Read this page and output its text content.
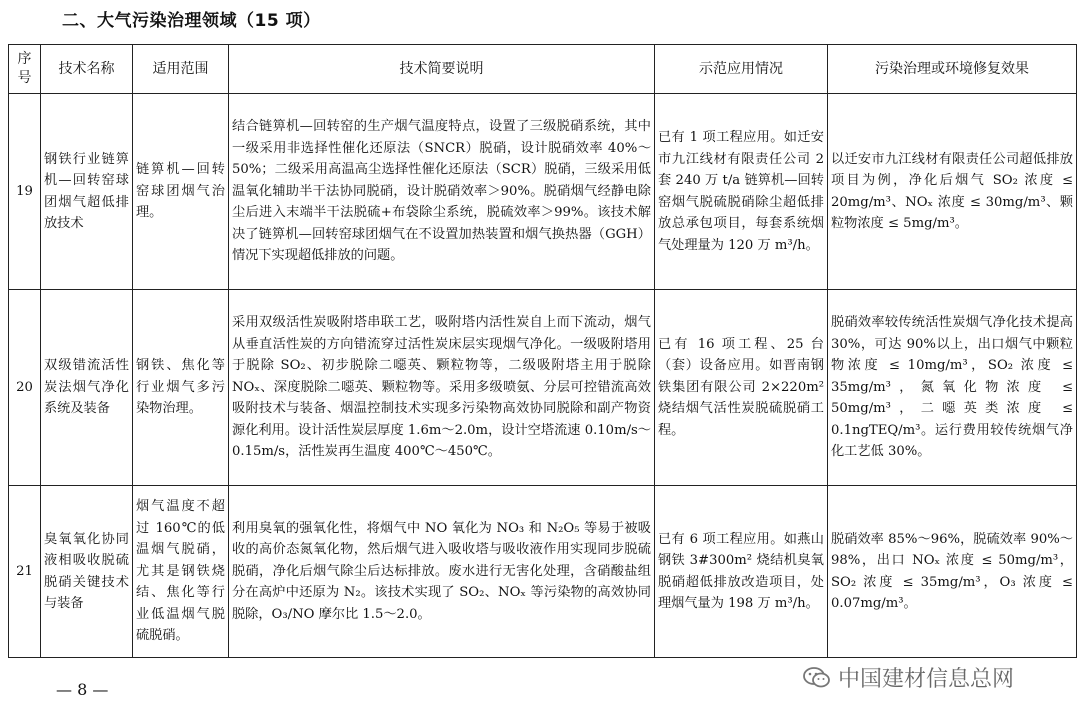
二、大气污染治理领域（15 项）
序号	技术名称	适用范围	技术简要说明	示范应用情况	污染治理或环境修复效果
19	钢铁行业链箅机—回转窑球团烟气超低排放技术	链箅机—回转窑球团烟气治理。	结合链箅机—回转窑的生产烟气温度特点，设置了三级脱硝系统，其中一级采用非选择性催化还原法（SNCR）脱硝，设计脱硝效率 40%～50%；二级采用高温高尘选择性催化还原法（SCR）脱硝，三级采用低温氧化辅助半干法协同脱硝，设计脱硝效率＞90%。脱硝烟气经静电除尘后进入末端半干法脱硫+布袋除尘系统，脱硫效率＞99%。该技术解决了链箅机—回转窑球团烟气在不设置加热装置和烟气换热器（GGH）情况下实现超低排放的问题。	已有 1 项工程应用。如迁安市九江线材有限责任公司 2 套 240 万 t/a 链箅机—回转窑烟气脱硫脱硝除尘超低排放总承包项目，每套系统烟气处理量为 120 万 m³/h。	以迁安市九江线材有限责任公司超低排放项目为例，净化后烟气 SO₂ 浓度 ≤ 20mg/m³、NOₓ 浓度 ≤ 30mg/m³、颗粒物浓度 ≤ 5mg/m³。
20	双级错流活性炭法烟气净化系统及装备	钢铁、焦化等行业烟气多污染物治理。	采用双级活性炭吸附塔串联工艺，吸附塔内活性炭自上而下流动，烟气从垂直活性炭的方向错流穿过活性炭床层实现烟气净化。一级吸附塔用于脱除 SO₂、初步脱除二噁英、颗粒物等，二级吸附塔主用于脱除 NOₓ、深度脱除二噁英、颗粒物等。采用多级喷氨、分层可控错流高效吸附技术与装备、烟温控制技术实现多污染物高效协同脱除和副产物资源化利用。设计活性炭层厚度 1.6m～2.0m，设计空塔流速 0.10m/s～0.15m/s，活性炭再生温度 400℃～450℃。	已有 16 项工程、25 台（套）设备应用。如晋南钢铁集团有限公司 2×220m² 烧结烟气活性炭脱硫脱硝工程。	脱硝效率较传统活性炭烟气净化技术提高 30%，可达 90%以上，出口烟气中颗粒物浓度 ≤ 10mg/m³，SO₂ 浓度 ≤ 35mg/m³，氮氧化物浓度 ≤ 50mg/m³，二噁英类浓度 ≤ 0.1ngTEQ/m³。运行费用较传统烟气净化工艺低 30%。
21	臭氧氧化协同液相吸收脱硫脱硝关键技术与装备	烟气温度不超过 160℃的低温烟气脱硝，尤其是钢铁烧结、焦化等行业低温烟气脱硫脱硝。	利用臭氧的强氧化性，将烟气中 NO 氧化为 NO₃ 和 N₂O₅ 等易于被吸收的高价态氮氧化物，然后烟气进入吸收塔与吸收液作用实现同步脱硫脱硝，净化后烟气除尘后达标排放。废水进行无害化处理，含硝酸盐组分在高炉中还原为 N₂。该技术实现了 SO₂、NOₓ 等污染物的高效协同脱除，O₃/NO 摩尔比 1.5～2.0。	已有 6 项工程应用。如燕山钢铁 3#300m² 烧结机臭氧脱硝超低排放改造项目，处理烟气量为 198 万 m³/h。	脱硝效率 85%～96%，脱硫效率 90%～98%，出口 NOₓ 浓度 ≤ 50mg/m³，SO₂ 浓度 ≤ 35mg/m³，O₃ 浓度 ≤ 0.07mg/m³。
— 8 —	中国建材信息总网
